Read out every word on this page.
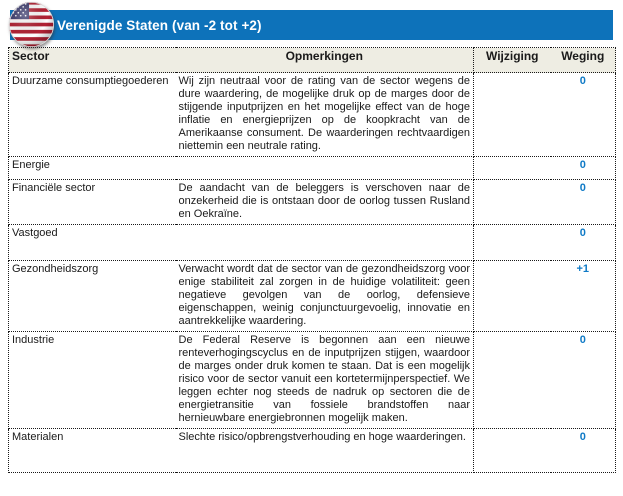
Verenigde Staten (van -2 tot +2)
Sector	Opmerkingen	Wijziging	Weging
Duurzame consumptiegoederen	Wij zijn neutraal voor de rating van de sector wegens de dure waardering, de mogelijke druk op de marges door de stijgende inputprijzen en het mogelijke effect van de hoge inflatie en energieprijzen op de koopkracht van de Amerikaanse consument. De waarderingen rechtvaardigen niettemin een neutrale rating.		0
Energie			0
Financiële sector	De aandacht van de beleggers is verschoven naar de onzekerheid die is ontstaan door de oorlog tussen Rusland en Oekraïne.		0
Vastgoed			0
Gezondheidszorg	Verwacht wordt dat de sector van de gezondheidszorg voor enige stabiliteit zal zorgen in de huidige volatiliteit: geen negatieve gevolgen van de oorlog, defensieve eigenschappen, weinig conjunctuurgevoelig, innovatie en aantrekkelijke waardering.		+1
Industrie	De Federal Reserve is begonnen aan een nieuwe renteverhogingscyclus en de inputprijzen stijgen, waardoor de marges onder druk komen te staan. Dat is een mogelijk risico voor de sector vanuit een kortetermijnperspectief. We leggen echter nog steeds de nadruk op sectoren die de energietransitie van fossiele brandstoffen naar hernieuwbare energiebronnen mogelijk maken.		0
Materialen	Slechte risico/opbrengstverhouding en hoge waarderingen.		0
